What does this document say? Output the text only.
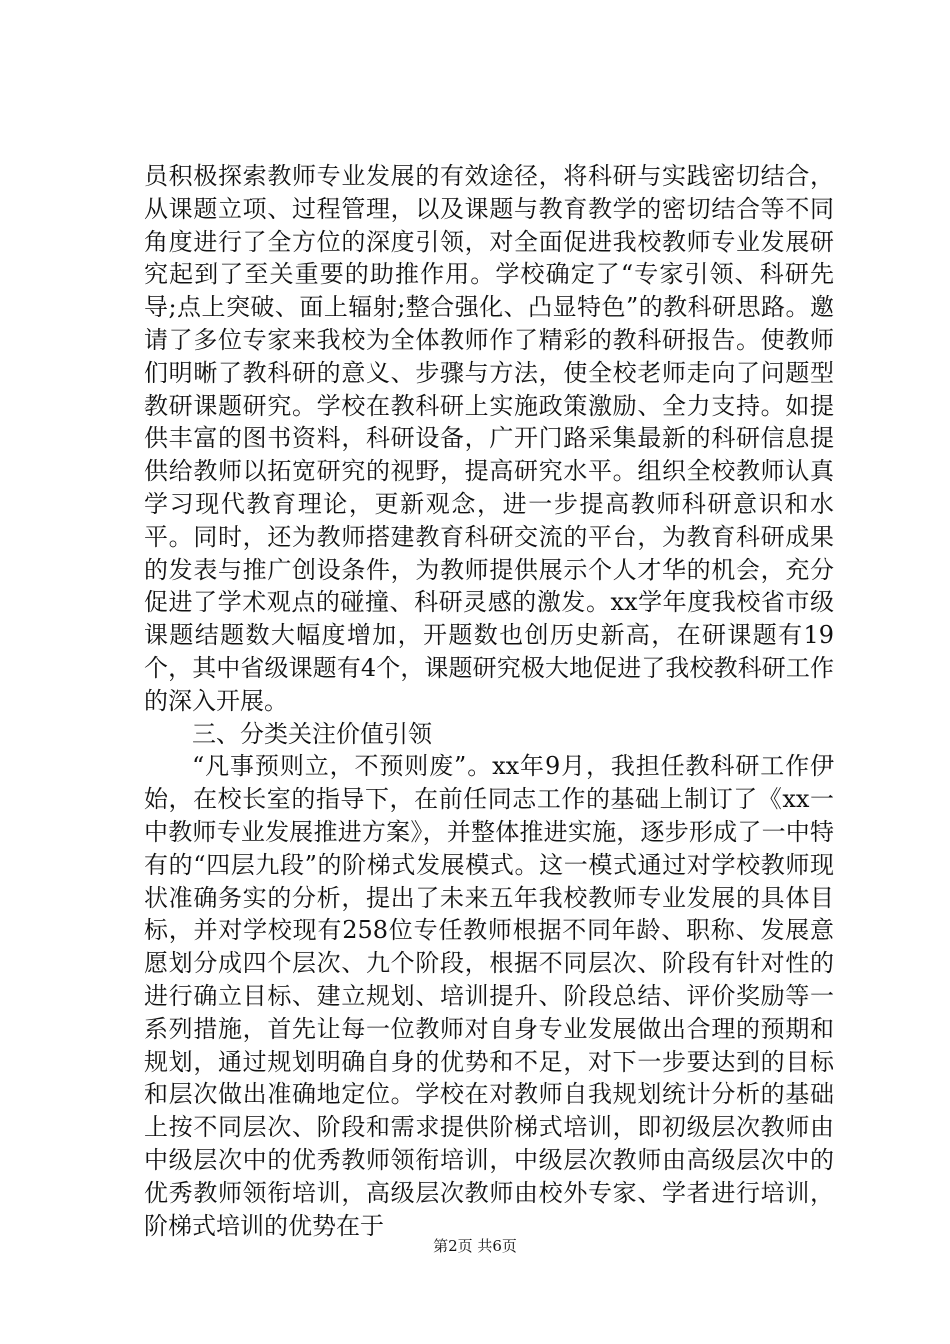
员积极探索教师专业发展的有效途径，将科研与实践密切结合，从课题立项、过程管理，以及课题与教育教学的密切结合等不同角度进行了全方位的深度引领，对全面促进我校教师专业发展研究起到了至关重要的助推作用。学校确定了“专家引领、科研先导;点上突破、面上辐射;整合强化、凸显特色”的教科研思路。邀请了多位专家来我校为全体教师作了精彩的教科研报告。使教师们明晰了教科研的意义、步骤与方法，使全校老师走向了问题型教研课题研究。学校在教科研上实施政策激励、全力支持。如提供丰富的图书资料，科研设备，广开门路采集最新的科研信息提供给教师以拓宽研究的视野，提高研究水平。组织全校教师认真学习现代教育理论，更新观念，进一步提高教师科研意识和水平。同时，还为教师搭建教育科研交流的平台，为教育科研成果的发表与推广创设条件，为教师提供展示个人才华的机会，充分促进了学术观点的碰撞、科研灵感的激发。xx学年度我校省市级课题结题数大幅度增加，开题数也创历史新高，在研课题有19个，其中省级课题有4个，课题研究极大地促进了我校教科研工作的深入开展。

三、分类关注价值引领

“凡事预则立，不预则废”。xx年9月，我担任教科研工作伊始，在校长室的指导下，在前任同志工作的基础上制订了《xx一中教师专业发展推进方案》，并整体推进实施，逐步形成了一中特有的“四层九段”的阶梯式发展模式。这一模式通过对学校教师现状准确务实的分析，提出了未来五年我校教师专业发展的具体目标，并对学校现有258位专任教师根据不同年龄、职称、发展意愿划分成四个层次、九个阶段，根据不同层次、阶段有针对性的进行确立目标、建立规划、培训提升、阶段总结、评价奖励等一系列措施，首先让每一位教师对自身专业发展做出合理的预期和规划，通过规划明确自身的优势和不足，对下一步要达到的目标和层次做出准确地定位。学校在对教师自我规划统计分析的基础上按不同层次、阶段和需求提供阶梯式培训，即初级层次教师由中级层次中的优秀教师领衔培训，中级层次教师由高级层次中的优秀教师领衔培训，高级层次教师由校外专家、学者进行培训，阶梯式培训的优势在于

第2页 共6页
